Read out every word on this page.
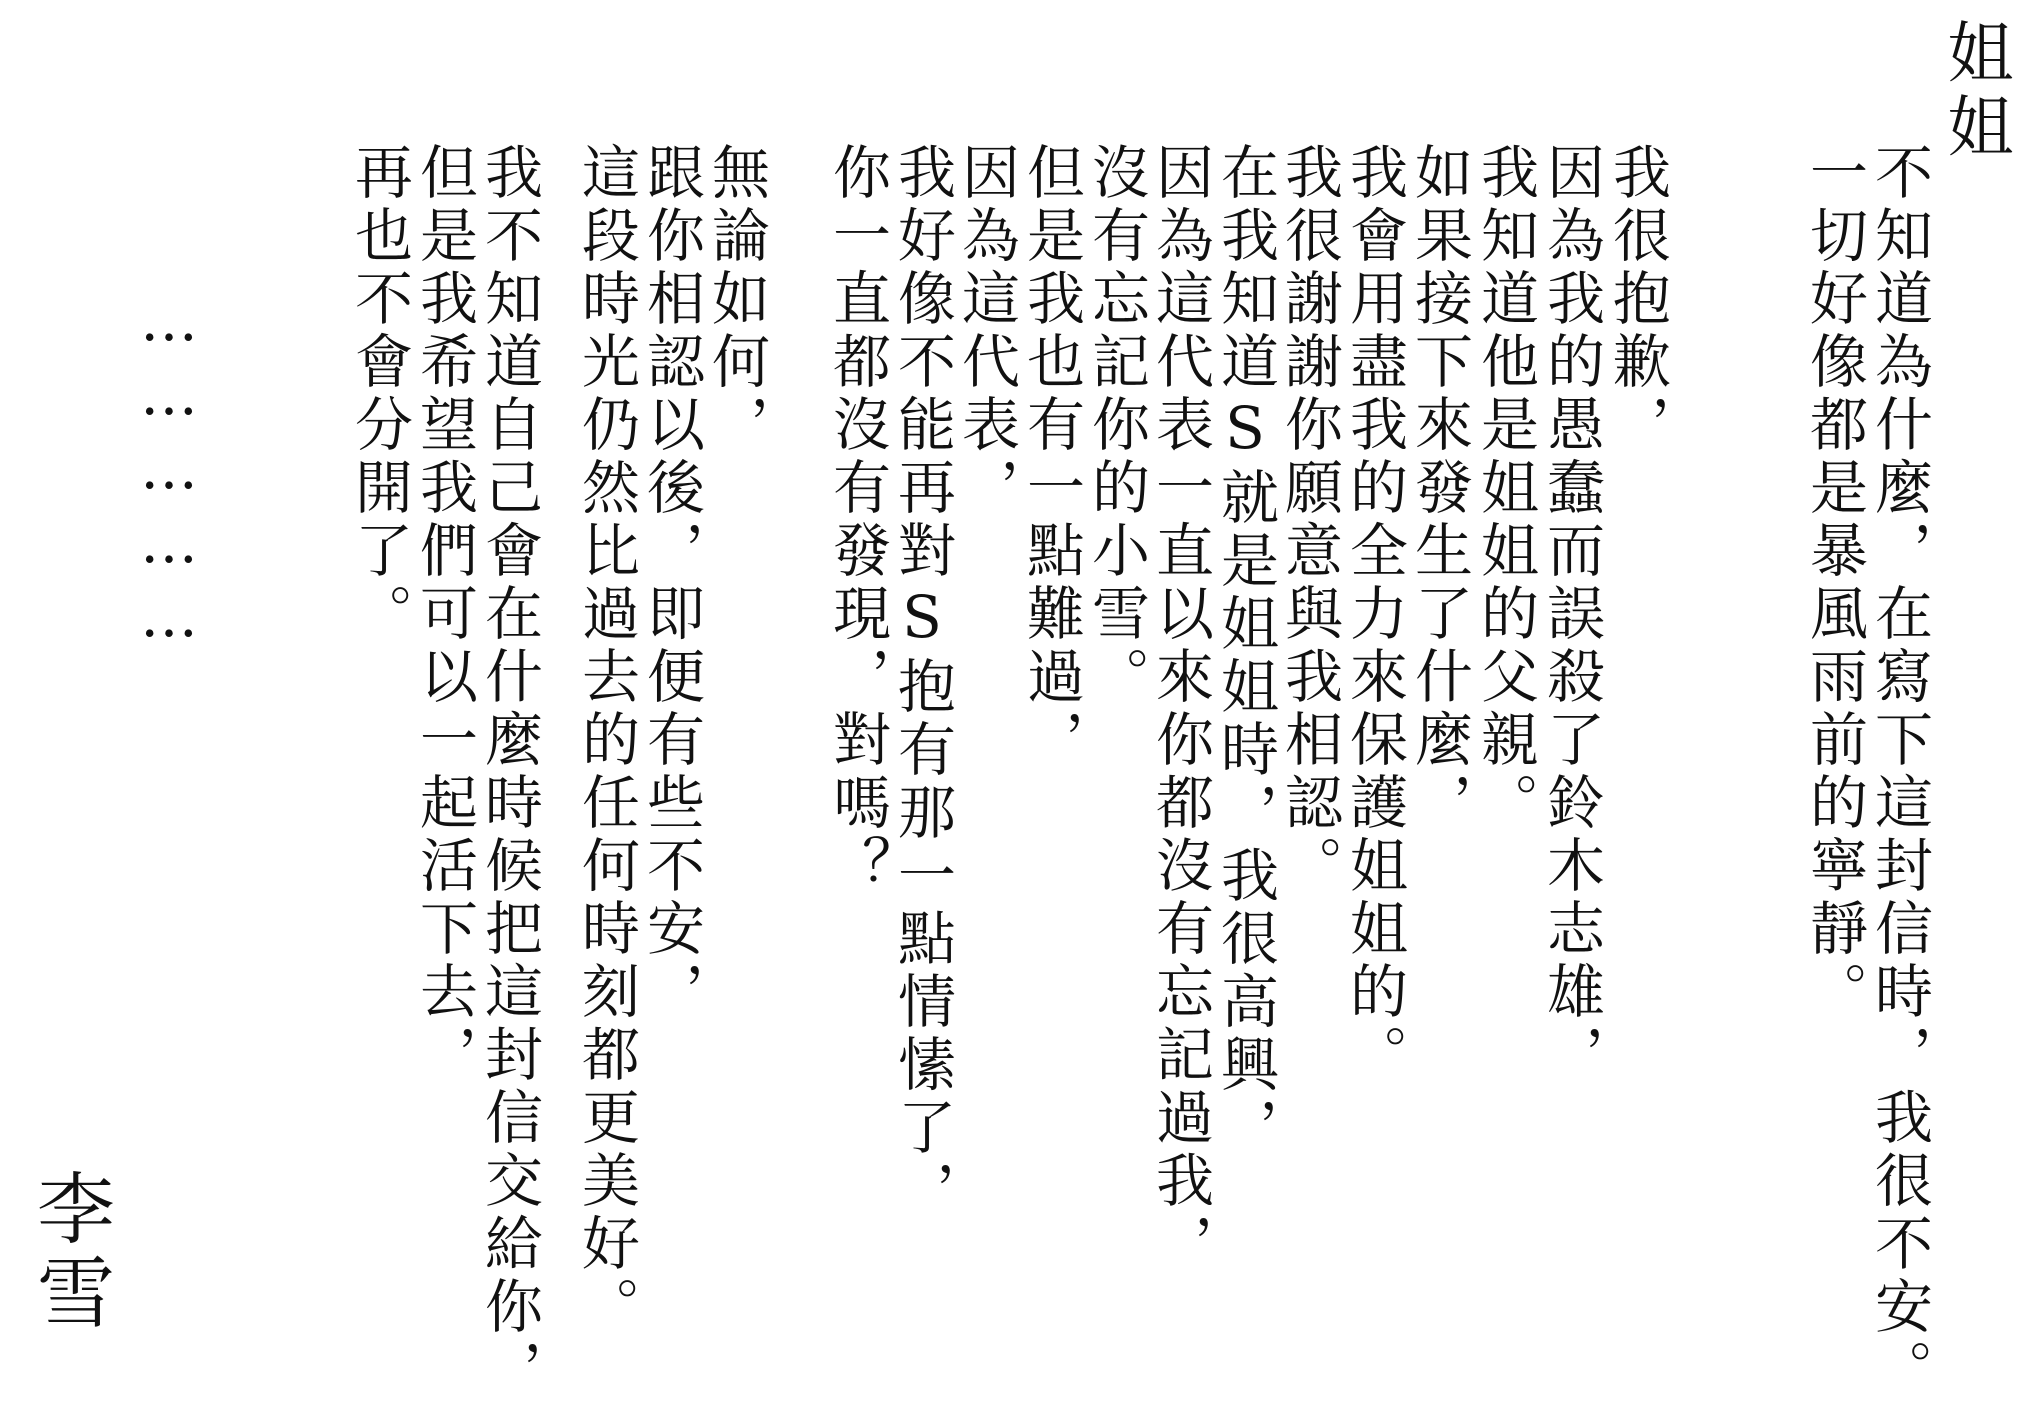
姐姐
不知道為什麼，在寫下這封信時，我很不安。
一切好像都是暴風雨前的寧靜。
我很抱歉，
因為我的愚蠢而誤殺了鈴木志雄，
我知道他是姐姐的父親。
如果接下來發生了什麼，
我會用盡我的全力來保護姐姐的。
我很謝謝你願意與我相認。
在我知道S就是姐姐時，我很高興，
因為這代表一直以來你都沒有忘記過我，
沒有忘記你的小雪。
但是我也有一點難過，
因為這代表，
我好像不能再對S抱有那一點情愫了，
你一直都沒有發現，對嗎？
無論如何，
跟你相認以後，即便有些不安，
這段時光仍然比過去的任何時刻都更美好。
我不知道自己會在什麼時候把這封信交給你，
但是我希望我們可以一起活下去，
再也不會分開了。
……………
李雪
